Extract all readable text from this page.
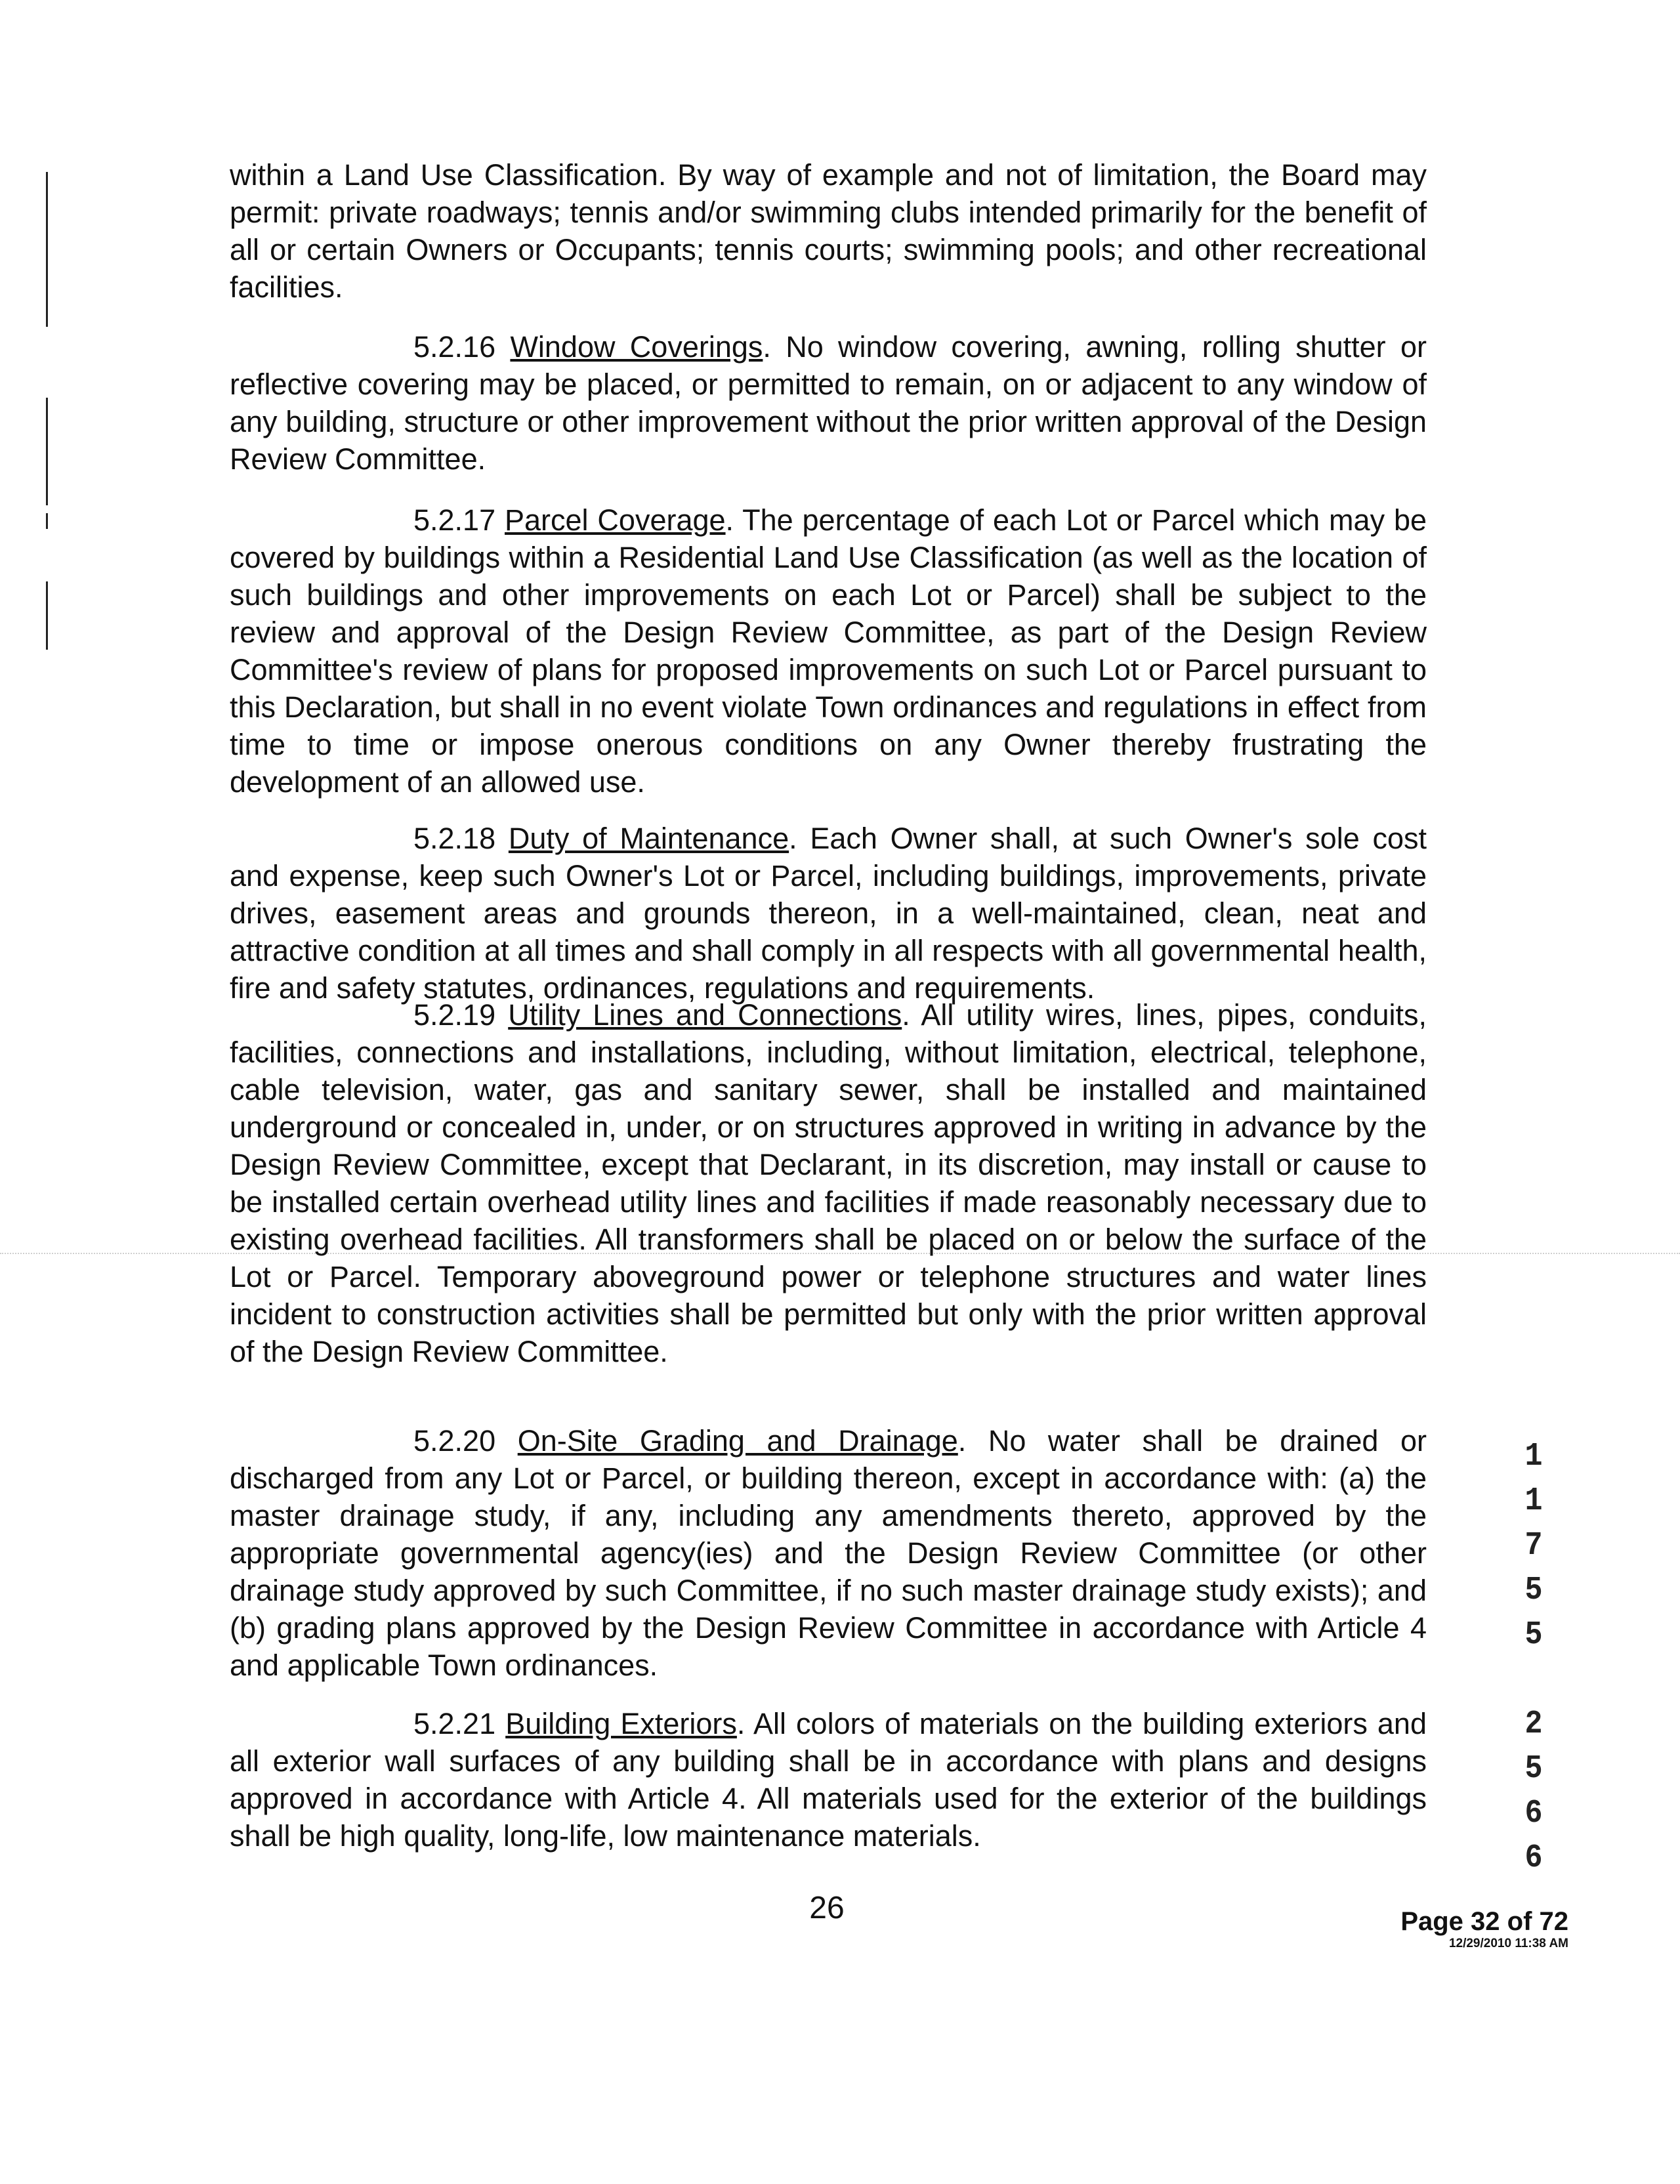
within a Land Use Classification. By way of example and not of limitation, the Board may permit: private roadways; tennis and/or swimming clubs intended primarily for the benefit of all or certain Owners or Occupants; tennis courts; swimming pools; and other recreational facilities.

5.2.16 Window Coverings. No window covering, awning, rolling shutter or reflective covering may be placed, or permitted to remain, on or adjacent to any window of any building, structure or other improvement without the prior written approval of the Design Review Committee.

5.2.17 Parcel Coverage. The percentage of each Lot or Parcel which may be covered by buildings within a Residential Land Use Classification (as well as the location of such buildings and other improvements on each Lot or Parcel) shall be subject to the review and approval of the Design Review Committee, as part of the Design Review Committee's review of plans for proposed improvements on such Lot or Parcel pursuant to this Declaration, but shall in no event violate Town ordinances and regulations in effect from time to time or impose onerous conditions on any Owner thereby frustrating the development of an allowed use.

5.2.18 Duty of Maintenance. Each Owner shall, at such Owner's sole cost and expense, keep such Owner's Lot or Parcel, including buildings, improvements, private drives, easement areas and grounds thereon, in a well-maintained, clean, neat and attractive condition at all times and shall comply in all respects with all governmental health, fire and safety statutes, ordinances, regulations and requirements.

5.2.19 Utility Lines and Connections. All utility wires, lines, pipes, conduits, facilities, connections and installations, including, without limitation, electrical, telephone, cable television, water, gas and sanitary sewer, shall be installed and maintained underground or concealed in, under, or on structures approved in writing in advance by the Design Review Committee, except that Declarant, in its discretion, may install or cause to be installed certain overhead utility lines and facilities if made reasonably necessary due to existing overhead facilities. All transformers shall be placed on or below the surface of the Lot or Parcel. Temporary aboveground power or telephone structures and water lines incident to construction activities shall be permitted but only with the prior written approval of the Design Review Committee.

5.2.20 On-Site Grading and Drainage. No water shall be drained or discharged from any Lot or Parcel, or building thereon, except in accordance with: (a) the master drainage study, if any, including any amendments thereto, approved by the appropriate governmental agency(ies) and the Design Review Committee (or other drainage study approved by such Committee, if no such master drainage study exists); and (b) grading plans approved by the Design Review Committee in accordance with Article 4 and applicable Town ordinances.

5.2.21 Building Exteriors. All colors of materials on the building exteriors and all exterior wall surfaces of any building shall be in accordance with plans and designs approved in accordance with Article 4. All materials used for the exterior of the buildings shall be high quality, long-life, low maintenance materials.

1
1
7
5
5

2
5
6
6
26	Page 32 of 72
12/29/2010 11:38 AM
